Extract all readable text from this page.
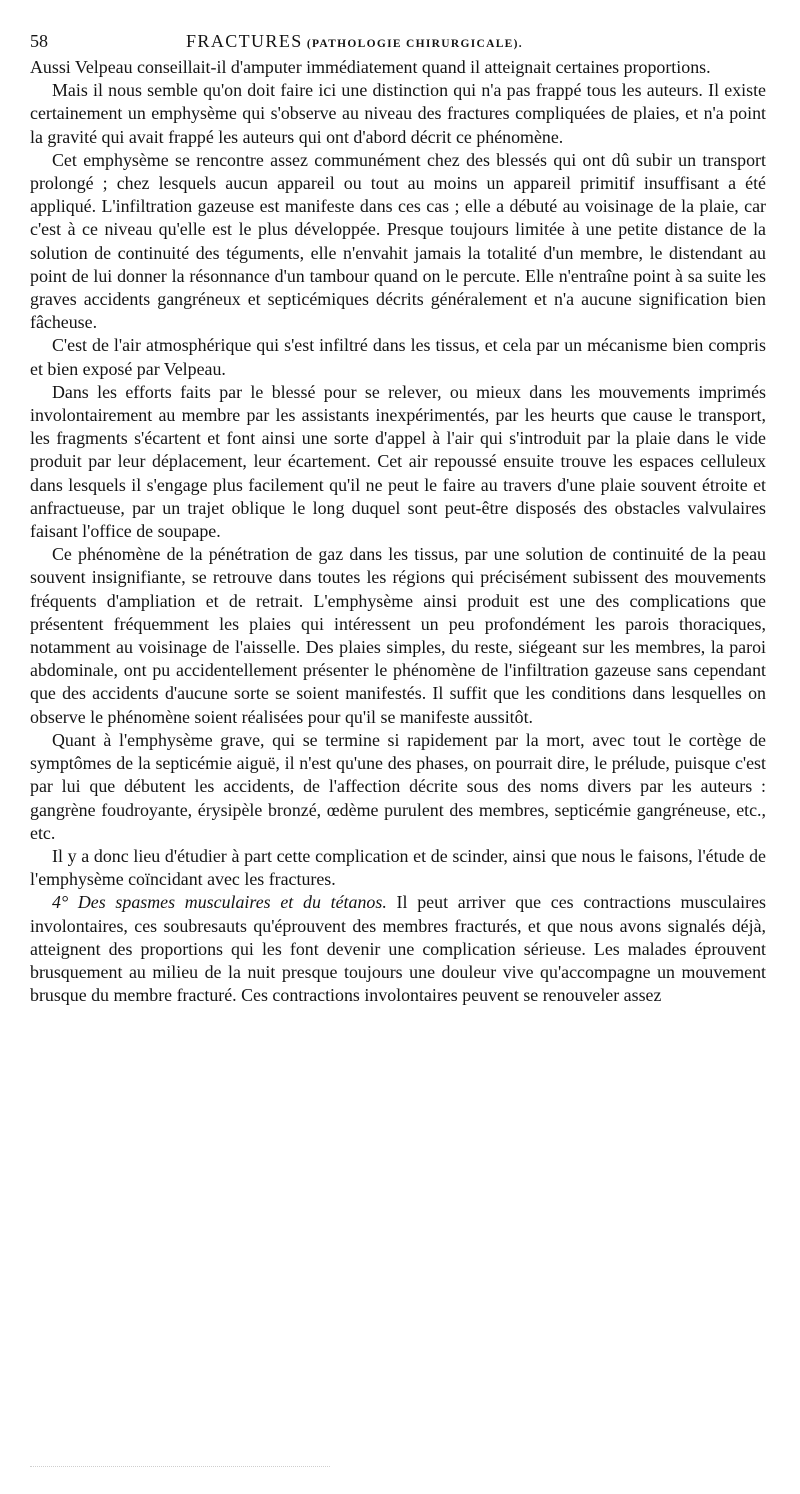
58	FRACTURES (PATHOLOGIE CHIRURGICALE).

Aussi Velpeau conseillait-il d'amputer immédiatement quand il atteignait certaines proportions.

Mais il nous semble qu'on doit faire ici une distinction qui n'a pas frappé tous les auteurs. Il existe certainement un emphysème qui s'observe au niveau des fractures compliquées de plaies, et n'a point la gravité qui avait frappé les auteurs qui ont d'abord décrit ce phénomène.

Cet emphysème se rencontre assez communément chez des blessés qui ont dû subir un transport prolongé ; chez lesquels aucun appareil ou tout au moins un appareil primitif insuffisant a été appliqué. L'infiltration gazeuse est manifeste dans ces cas ; elle a débuté au voisinage de la plaie, car c'est à ce niveau qu'elle est le plus développée. Presque toujours limitée à une petite distance de la solution de continuité des téguments, elle n'envahit jamais la totalité d'un membre, le distendant au point de lui donner la résonnance d'un tambour quand on le percute. Elle n'entraîne point à sa suite les graves accidents gangréneux et septicémiques décrits généralement et n'a aucune signification bien fâcheuse.

C'est de l'air atmosphérique qui s'est infiltré dans les tissus, et cela par un mécanisme bien compris et bien exposé par Velpeau.

Dans les efforts faits par le blessé pour se relever, ou mieux dans les mouvements imprimés involontairement au membre par les assistants inexpérimentés, par les heurts que cause le transport, les fragments s'écartent et font ainsi une sorte d'appel à l'air qui s'introduit par la plaie dans le vide produit par leur déplacement, leur écartement. Cet air repoussé ensuite trouve les espaces celluleux dans lesquels il s'engage plus facilement qu'il ne peut le faire au travers d'une plaie souvent étroite et anfractueuse, par un trajet oblique le long duquel sont peut-être disposés des obstacles valvulaires faisant l'office de soupape.

Ce phénomène de la pénétration de gaz dans les tissus, par une solution de continuité de la peau souvent insignifiante, se retrouve dans toutes les régions qui précisément subissent des mouvements fréquents d'ampliation et de retrait. L'emphysème ainsi produit est une des complications que présentent fréquemment les plaies qui intéressent un peu profondément les parois thoraciques, notamment au voisinage de l'aisselle. Des plaies simples, du reste, siégeant sur les membres, la paroi abdominale, ont pu accidentellement présenter le phénomène de l'infiltration gazeuse sans cependant que des accidents d'aucune sorte se soient manifestés. Il suffit que les conditions dans lesquelles on observe le phénomène soient réalisées pour qu'il se manifeste aussitôt.

Quant à l'emphysème grave, qui se termine si rapidement par la mort, avec tout le cortège de symptômes de la septicémie aiguë, il n'est qu'une des phases, on pourrait dire, le prélude, puisque c'est par lui que débutent les accidents, de l'affection décrite sous des noms divers par les auteurs : gangrène foudroyante, érysipèle bronzé, œdème purulent des membres, septicémie gangréneuse, etc., etc.

Il y a donc lieu d'étudier à part cette complication et de scinder, ainsi que nous le faisons, l'étude de l'emphysème coïncidant avec les fractures.

4° Des spasmes musculaires et du tétanos. Il peut arriver que ces contractions musculaires involontaires, ces soubresauts qu'éprouvent des membres fracturés, et que nous avons signalés déjà, atteignent des proportions qui les font devenir une complication sérieuse. Les malades éprouvent brusquement au milieu de la nuit presque toujours une douleur vive qu'accompagne un mouvement brusque du membre fracturé. Ces contractions involontaires peuvent se renouveler assez
